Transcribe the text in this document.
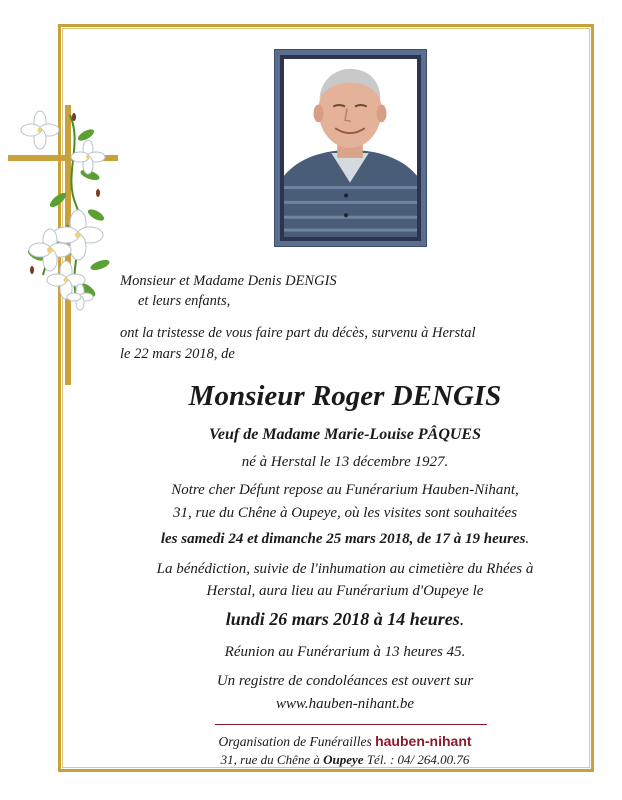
Monsieur et Madame Denis DENGIS
et leurs enfants,
ont la tristesse de vous faire part du décès, survenu à Herstal
le 22 mars 2018, de
Monsieur Roger DENGIS
Veuf de Madame Marie-Louise PÂQUES
né à Herstal le 13 décembre 1927.
Notre cher Défunt repose au Funérarium Hauben-Nihant,
31, rue du Chêne à Oupeye, où les visites sont souhaitées
les samedi 24 et dimanche 25 mars 2018, de 17 à 19 heures.
La bénédiction, suivie de l'inhumation au cimetière du Rhées à
Herstal, aura lieu au Funérarium d'Oupeye le
lundi 26 mars 2018 à 14 heures.
Réunion au Funérarium à 13 heures 45.
Un registre de condoléances est ouvert sur
www.hauben-nihant.be
Organisation de Funérailles hauben-nihant
31, rue du Chêne à Oupeye Tél. : 04/ 264.00.76
